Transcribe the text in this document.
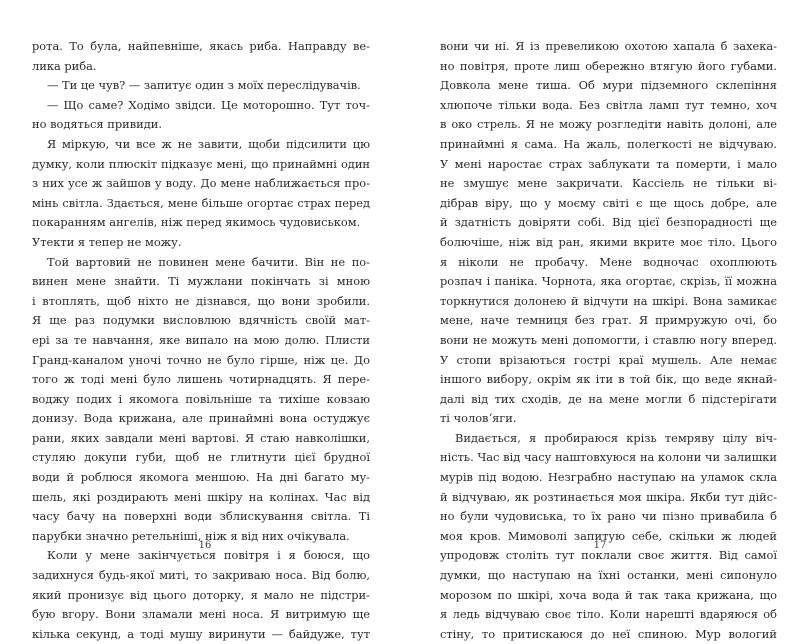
рота. То була, найпевніше, якась риба. Направду ве-
лика риба.
— Ти це чув? — запитує один з моїх переслідувачів.
— Що саме? Ходімо звідси. Це моторошно. Тут точ-
но водяться привиди.
Я міркую, чи все ж не завити, щоби підсилити цю
думку, коли плюскіт підказує мені, що принаймні один
з них усе ж зайшов у воду. До мене наближається про-
мінь світла. Здається, мене більше огортає страх перед
покаранням ангелів, ніж перед якимось чудовиськом.
Утекти я тепер не можу.
Той вартовий не повинен мене бачити. Він не по-
винен мене знайти. Ті мужлани покінчать зі мною
і втоплять, щоб ніхто не дізнався, що вони зробили.
Я ще раз подумки висловлюю вдячність своїй мат-
ері за те навчання, яке випало на мою долю. Плисти
Гранд-каналом уночі точно не було гірше, ніж це. До
того ж тоді мені було лишень чотирнадцять. Я пере-
воджу подих і якомога повільніше та тихіше ковзаю
донизу. Вода крижана, але принаймні вона остуджує
рани, яких завдали мені вартові. Я стаю навколішки,
стуляю докупи губи, щоб не глитнути цієї брудної
води й роблюся якомога меншою. На дні багато му-
шель, які роздирають мені шкіру на колінах. Час від
часу бачу на поверхні води зблискування світла. Ті
парубки значно ретельніші, ніж я від них очікувала.
Коли у мене закінчується повітря і я боюся, що
задихнуся будь-якої миті, то закриваю носа. Від болю,
який пронизує від цього доторку, я мало не підстри-
бую вгору. Вони зламали мені носа. Я витримую ще
кілька секунд, а тоді мушу виринути — байдуже, тут
16
вони чи ні. Я із превеликою охотою хапала б захека-
но повітря, проте лиш обережно втягую його губами.
Довкола мене тиша. Об мури підземного склепіння
хлюпоче тільки вода. Без світла ламп тут темно, хоч
в око стрель. Я не можу розгледіти навіть долоні, але
принаймні я сама. На жаль, полегкості не відчуваю.
У мені наростає страх заблукати та померти, і мало
не змушує мене закричати. Кассіель не тільки ві-
дібрав віру, що у моєму світі є ще щось добре, але
й здатність довіряти собі. Від цієї безпорадності ще
болючіше, ніж від ран, якими вкрите моє тіло. Цього
я ніколи не пробачу. Мене водночас охоплюють
розпач і паніка. Чорнота, яка огортає, скрізь, її можна
торкнутися долонею й відчути на шкірі. Вона замикає
мене, наче темниця без грат. Я примружую очі, бо
вони не можуть мені допомогти, і ставлю ногу вперед.
У стопи врізаються гострі краї мушель. Але немає
іншого вибору, окрім як іти в той бік, що веде якнай-
далі від тих сходів, де на мене могли б підстерігати
ті чоловʼяги.
Видається, я пробираюся крізь темряву цілу віч-
ність. Час від часу наштовхуюся на колони чи залишки
мурів під водою. Незграбно наступаю на уламок скла
й відчуваю, як розтинається моя шкіра. Якби тут дійс-
но були чудовиська, то їх рано чи пізно привабила б
моя кров. Мимоволі запитую себе, скільки ж людей
упродовж століть тут поклали своє життя. Від самої
думки, що наступаю на їхні останки, мені сипонуло
морозом по шкірі, хоча вода й так така крижана, що
я ледь відчуваю своє тіло. Коли нарешті вдаряюся об
стіну, то притискаюся до неї спиною. Мур вологий
17
